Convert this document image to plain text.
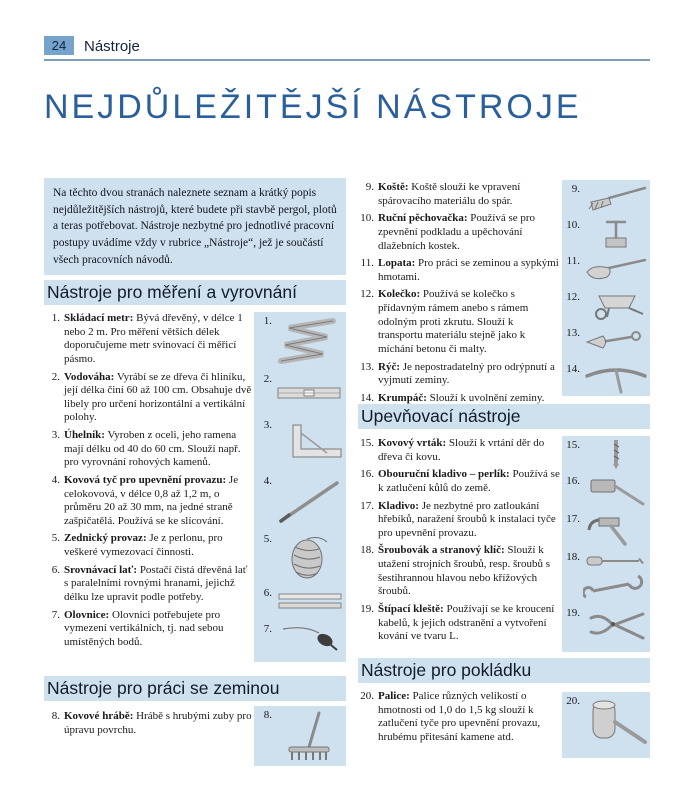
24	Nástroje
NEJDŮLEŽITĚJŠÍ NÁSTROJE
Na těchto dvou stranách naleznete seznam a krátký popis nejdůležitějších nástrojů, které budete při stavbě pergol, plotů a teras potřebovat. Nástroje nezbytné pro jednotlivé pracovní postupy uvádíme vždy v rubrice „Nástroje“, jež je součástí všech pracovních návodů.
Nástroje pro měření a vyrovnání
Nástroje pro práci se zeminou
Upevňovací nástroje
Nástroje pro pokládku
1. Skládací metr: Bývá dřevěný, v délce 1 nebo 2 m. Pro měření větších délek doporučujeme metr svinovací či měřicí pásmo.
2. Vodováha: Vyrábí se ze dřeva či hliníku, její délka činí 60 až 100 cm. Obsahuje dvě libely pro určení horizontální a vertikální polohy.
3. Úhelník: Vyroben z oceli, jeho ramena mají délku od 40 do 60 cm. Slouží např. pro vyrovnání rohových kamenů.
4. Kovová tyč pro upevnění provazu: Je celokovová, v délce 0,8 až 1,2 m, o průměru 20 až 30 mm, na jedné straně zašpičatělá. Používá se ke slícování.
5. Zednický provaz: Je z perlonu, pro veškeré vymezovací činnosti.
6. Srovnávací lať: Postačí čistá dřevěná lať s paralelními rovnými hranami, jejichž délku lze upravit podle potřeby.
7. Olovnice: Olovnici potřebujete pro vymezení vertikálních, tj. nad sebou umístěných bodů.
1.
2.
3.
4.
5.
6.
7.
8. Kovové hrábě: Hrábě s hrubými zuby pro úpravu povrchu.
8.
9. Koště: Koště slouží ke vpravení spárovacího materiálu do spár.
10. Ruční pěchovačka: Používá se pro zpevnění podkladu a upěchování dlažebních kostek.
11. Lopata: Pro práci se zeminou a sypkými hmotami.
12. Kolečko: Používá se kolečko s přídavným rámem anebo s rámem odolným proti zkrutu. Slouží k transportu materiálu stejně jako k míchání betonu či malty.
13. Rýč: Je nepostradatelný pro odrýpnutí a vyjmutí zeminy.
14. Krumpáč: Slouží k uvolnění zeminy.
9.
10.
11.
12.
13.
14.
15. Kovový vrták: Slouží k vrtání děr do dřeva či kovu.
16. Obouruční kladivo – perlík: Používá se k zatlučení kůlů do země.
17. Kladivo: Je nezbytné pro zatloukání hřebíků, naražení šroubů k instalaci tyče pro upevnění provazu.
18. Šroubovák a stranový klíč: Slouží k utažení strojních šroubů, resp. šroubů s šestihrannou hlavou nebo křížových šroubů.
19. Štípací kleště: Používají se ke kroucení kabelů, k jejich odstranění a vytvoření kování ve tvaru L.
15.
16.
17.
18.
19.
20. Palice: Palice různých velikostí o hmotnosti od 1,0 do 1,5 kg slouží k zatlučení tyče pro upevnění provazu, hrubému přitesání kamene atd.
20.
